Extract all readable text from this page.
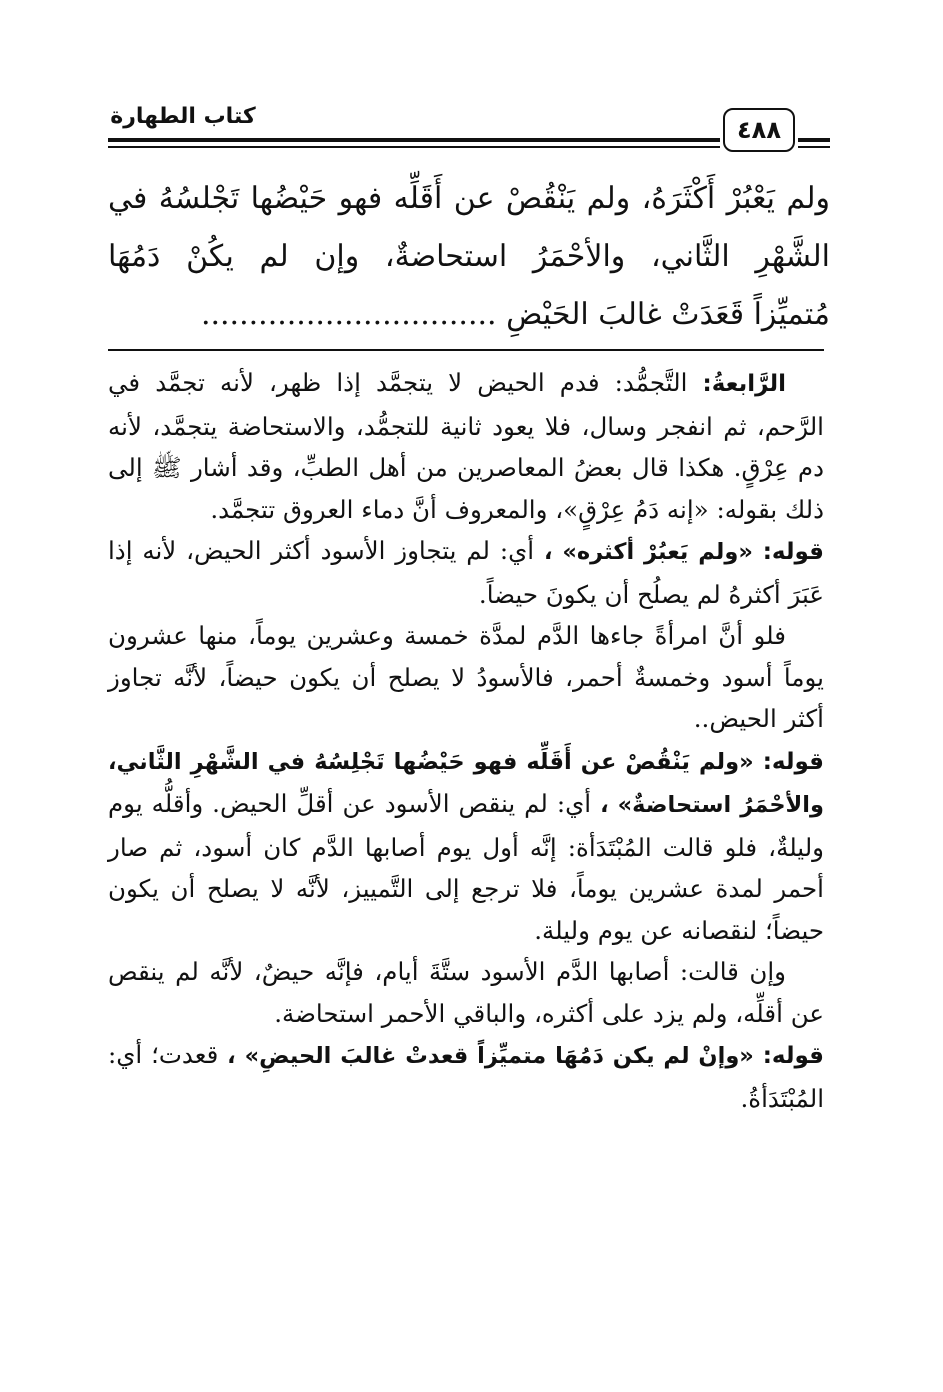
كتاب الطهارة	٤٨٨
ولم يَعْبُرْ أَكْثَرَهُ، ولم يَنْقُصْ عن أَقَلِّه فهو حَيْضُها تَجْلسُهُ في
الشَّهْرِ الثَّاني، والأحْمَرُ استحاضةٌ، وإن لم يكُنْ دَمُهَا
مُتميِّزاً قَعَدَتْ غالبَ الحَيْضِ ...............................

الرَّابعةُ: التَّجمُّد: فدم الحيض لا يتجمَّد إذا ظهر، لأنه تجمَّد في الرَّحم، ثم انفجر وسال، فلا يعود ثانية للتجمُّد، والاستحاضة يتجمَّد، لأنه دم عِرْقٍ. هكذا قال بعضُ المعاصرين من أهل الطبِّ، وقد أشار ﷺ إلى ذلك بقوله: «إنه دَمُ عِرْقٍ»، والمعروف أنَّ دماء العروق تتجمَّد.

قوله: «ولم يَعبُرْ أكثره» ، أي: لم يتجاوز الأسود أكثر الحيض، لأنه إذا عَبَرَ أكثرهُ لم يصلُح أن يكونَ حيضاً.

فلو أنَّ امرأةً جاءها الدَّم لمدَّة خمسة وعشرين يوماً، منها عشرون يوماً أسود وخمسةٌ أحمر، فالأسودُ لا يصلح أن يكون حيضاً، لأنَّه تجاوز أكثر الحيض..

قوله: «ولم يَنْقُصْ عن أَقَلِّه فهو حَيْضُها تَجْلِسُهُ في الشَّهْرِ الثَّاني، والأحْمَرُ استحاضةٌ» ، أي: لم ينقص الأسود عن أقلِّ الحيض. وأقلُّه يوم وليلةٌ، فلو قالت المُبْتَدَأة: إنَّه أول يوم أصابها الدَّم كان أسود، ثم صار أحمر لمدة عشرين يوماً، فلا ترجع إلى التَّمييز، لأنَّه لا يصلح أن يكون حيضاً؛ لنقصانه عن يوم وليلة.

وإن قالت: أصابها الدَّم الأسود ستَّةَ أيام، فإنَّه حيضٌ، لأنَّه لم ينقص عن أقلِّه، ولم يزد على أكثره، والباقي الأحمر استحاضة.

قوله: «وإنْ لم يكن دَمُهَا متميِّزاً قعدتْ غالبَ الحيضِ» ، قعدت؛ أي: المُبْتَدَأةُ.
